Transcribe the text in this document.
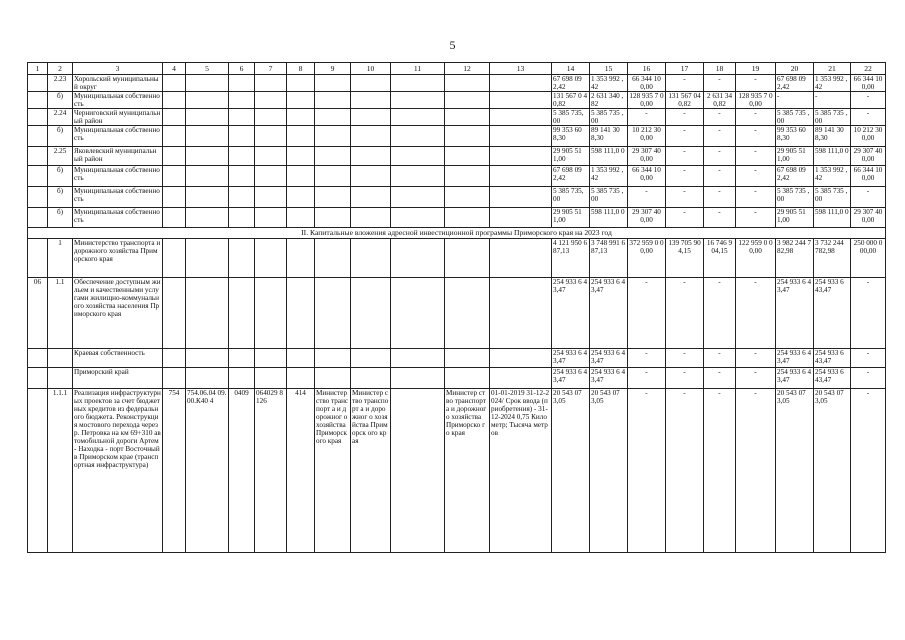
5
1	2	3	4	5	6	7	8	9	10	11	12	13	14	15	16	17	18	19	20	21	22
	2.23	Хорольский муниципальный округ											67 698 09 2,42	1 353 992 ,42	66 344 10 0,00	-	-	-	67 698 09 2,42	1 353 992 ,42	66 344 10 0,00
	б)	Муниципальная собственность											131 567 0 40,82	2 631 340 ,82	128 935 7 00,00	131 567 040,82	2 631 34 0,82	128 935 7 00,00	-	-	-
	2.24	Черниговский муниципальный район											5 385 735, 00	5 385 735 ,00	-	-	-	-	5 385 735 ,00	5 385 735 ,00	-
	б)	Муниципальная собственность											99 353 60 8,30	89 141 30 8,30	10 212 30 0,00	-	-	-	99 353 60 8,30	89 141 30 8,30	10 212 30 0,00
	2.25	Яковлевский муниципальный район											29 905 51 1,00	598 111,0 0	29 307 40 0,00	-	-	-	29 905 51 1,00	598 111,0 0	29 307 40 0,00
	б)	Муниципальная собственность											67 698 09 2,42	1 353 992 ,42	66 344 10 0,00	-	-	-	67 698 09 2,42	1 353 992 ,42	66 344 10 0,00
	б)	Муниципальная собственность											5 385 735, 00	5 385 735 ,00	-	-	-	-	5 385 735 ,00	5 385 735 ,00	-
	б)	Муниципальная собственность											29 905 51 1,00	598 111,0 0	29 307 40 0,00	-	-	-	29 905 51 1,00	598 111,0 0	29 307 40 0,00
II. Капитальные вложения адресной инвестиционной программы Приморского края на 2023 год																					
	1	Министерство транспорта и дорожного хозяйства Приморского края											4 121 950 687,13	3 748 991 687,13	372 959 0 00,00	139 705 904,15	16 746 9 04,15	122 959 0 00,00	3 982 244 782,98	3 732 244 782,98	250 000 0 00,00
06	1.1	Обеспечение доступным жильем и качественными услугами жилищно-коммунального хозяйства населения Приморского края											254 933 6 43,47	254 933 6 43,47	-	-	-	-	254 933 6 43,47	254 933 6 43,47	-
		Краевая собственность											254 933 6 43,47	254 933 6 43,47	-	-	-	-	254 933 6 43,47	254 933 6 43,47	-
		Приморский край											254 933 6 43,47	254 933 6 43,47	-	-	-	-	254 933 6 43,47	254 933 6 43,47	-
	1.1.1	Реализация инфраструктурных проектов за счет бюджетных кредитов из федерального бюджета. Реконструкция мостового перехода через р. Петровка на км 69+310 автомобильной дороги Артем - Находка - порт Восточный в Приморском крае (транспортная инфраструктура)	754	754.06.04 09.00.К40 4	0409	064029 8126	414	Министер ство транспорт а и дорожног о хозяйства Приморск ого края	Министер ство транспорт а и дорожног о хозяйства Приморск ого края		Министер ство транспорт а и дорожного хозяйства Приморско го края	01-01-2019 31-12-2024/ Срок ввода (приобретения) - 31-12-2024 0,75 Километр; Тысяча метров	20 543 07 3,05	20 543 07 3,05	-	-	-	-	20 543 07 3,05	20 543 07 3,05	-
